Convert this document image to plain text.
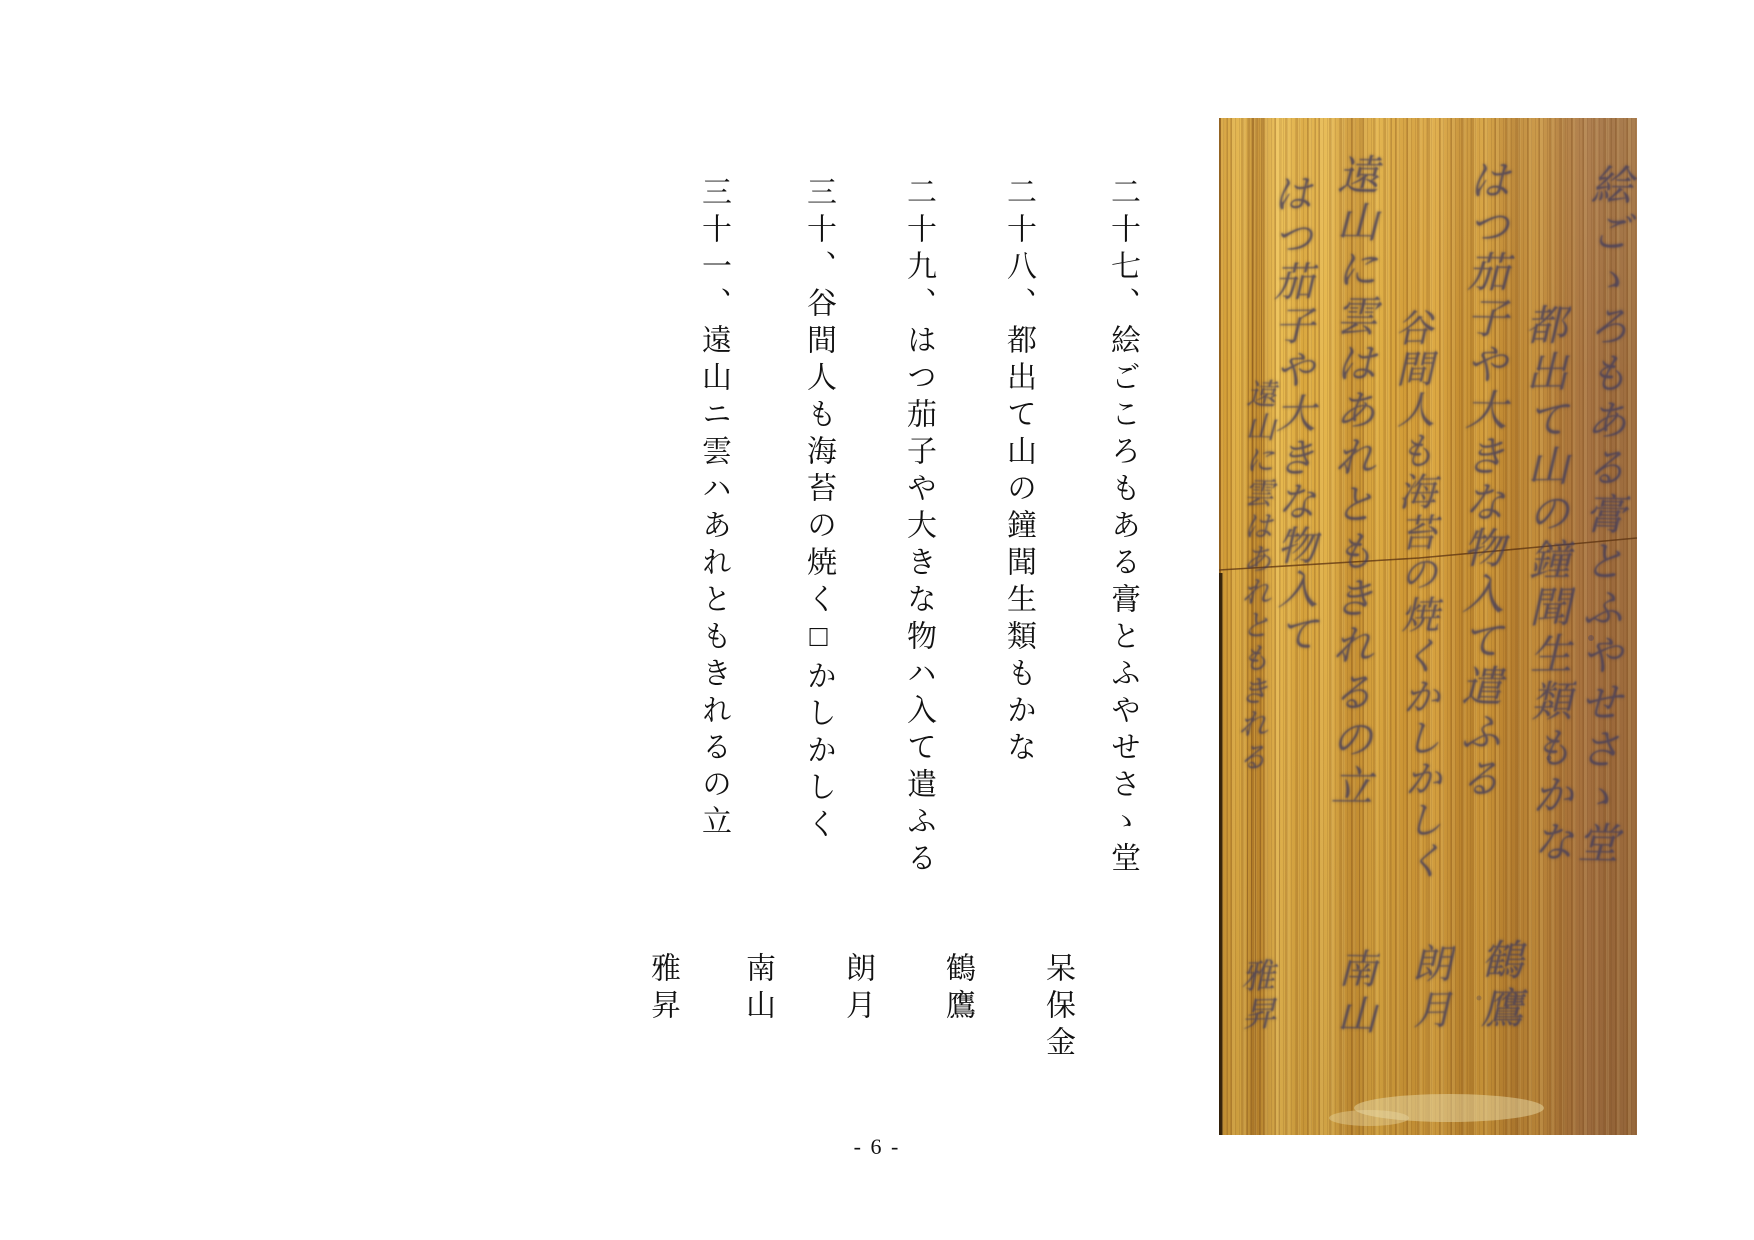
二十七、絵ごころもある膏とふやせさゝ堂
二十八、都出て山の鐘聞生類もかな
二十九、はつ茄子や大きな物ハ入て遣ふる
三十、谷間人も海苔の焼く□かしかしく
三十一、遠山ニ雲ハあれともきれるの立
呆保金
鶴鷹
朗月
南山
雅昇
絵ごゝろもある膏とふやせさゝ堂
都出て山の鐘聞生類もかな
はつ茄子や大きな物入て遣ふる
谷間人も海苔の焼くかしかしく
遠山に雲はあれともきれるの立
はつ茄子や大きな物入て
遠山に雲はあれともきれる
鶴鷹
朗月
南山
雅昇
- 6 -
